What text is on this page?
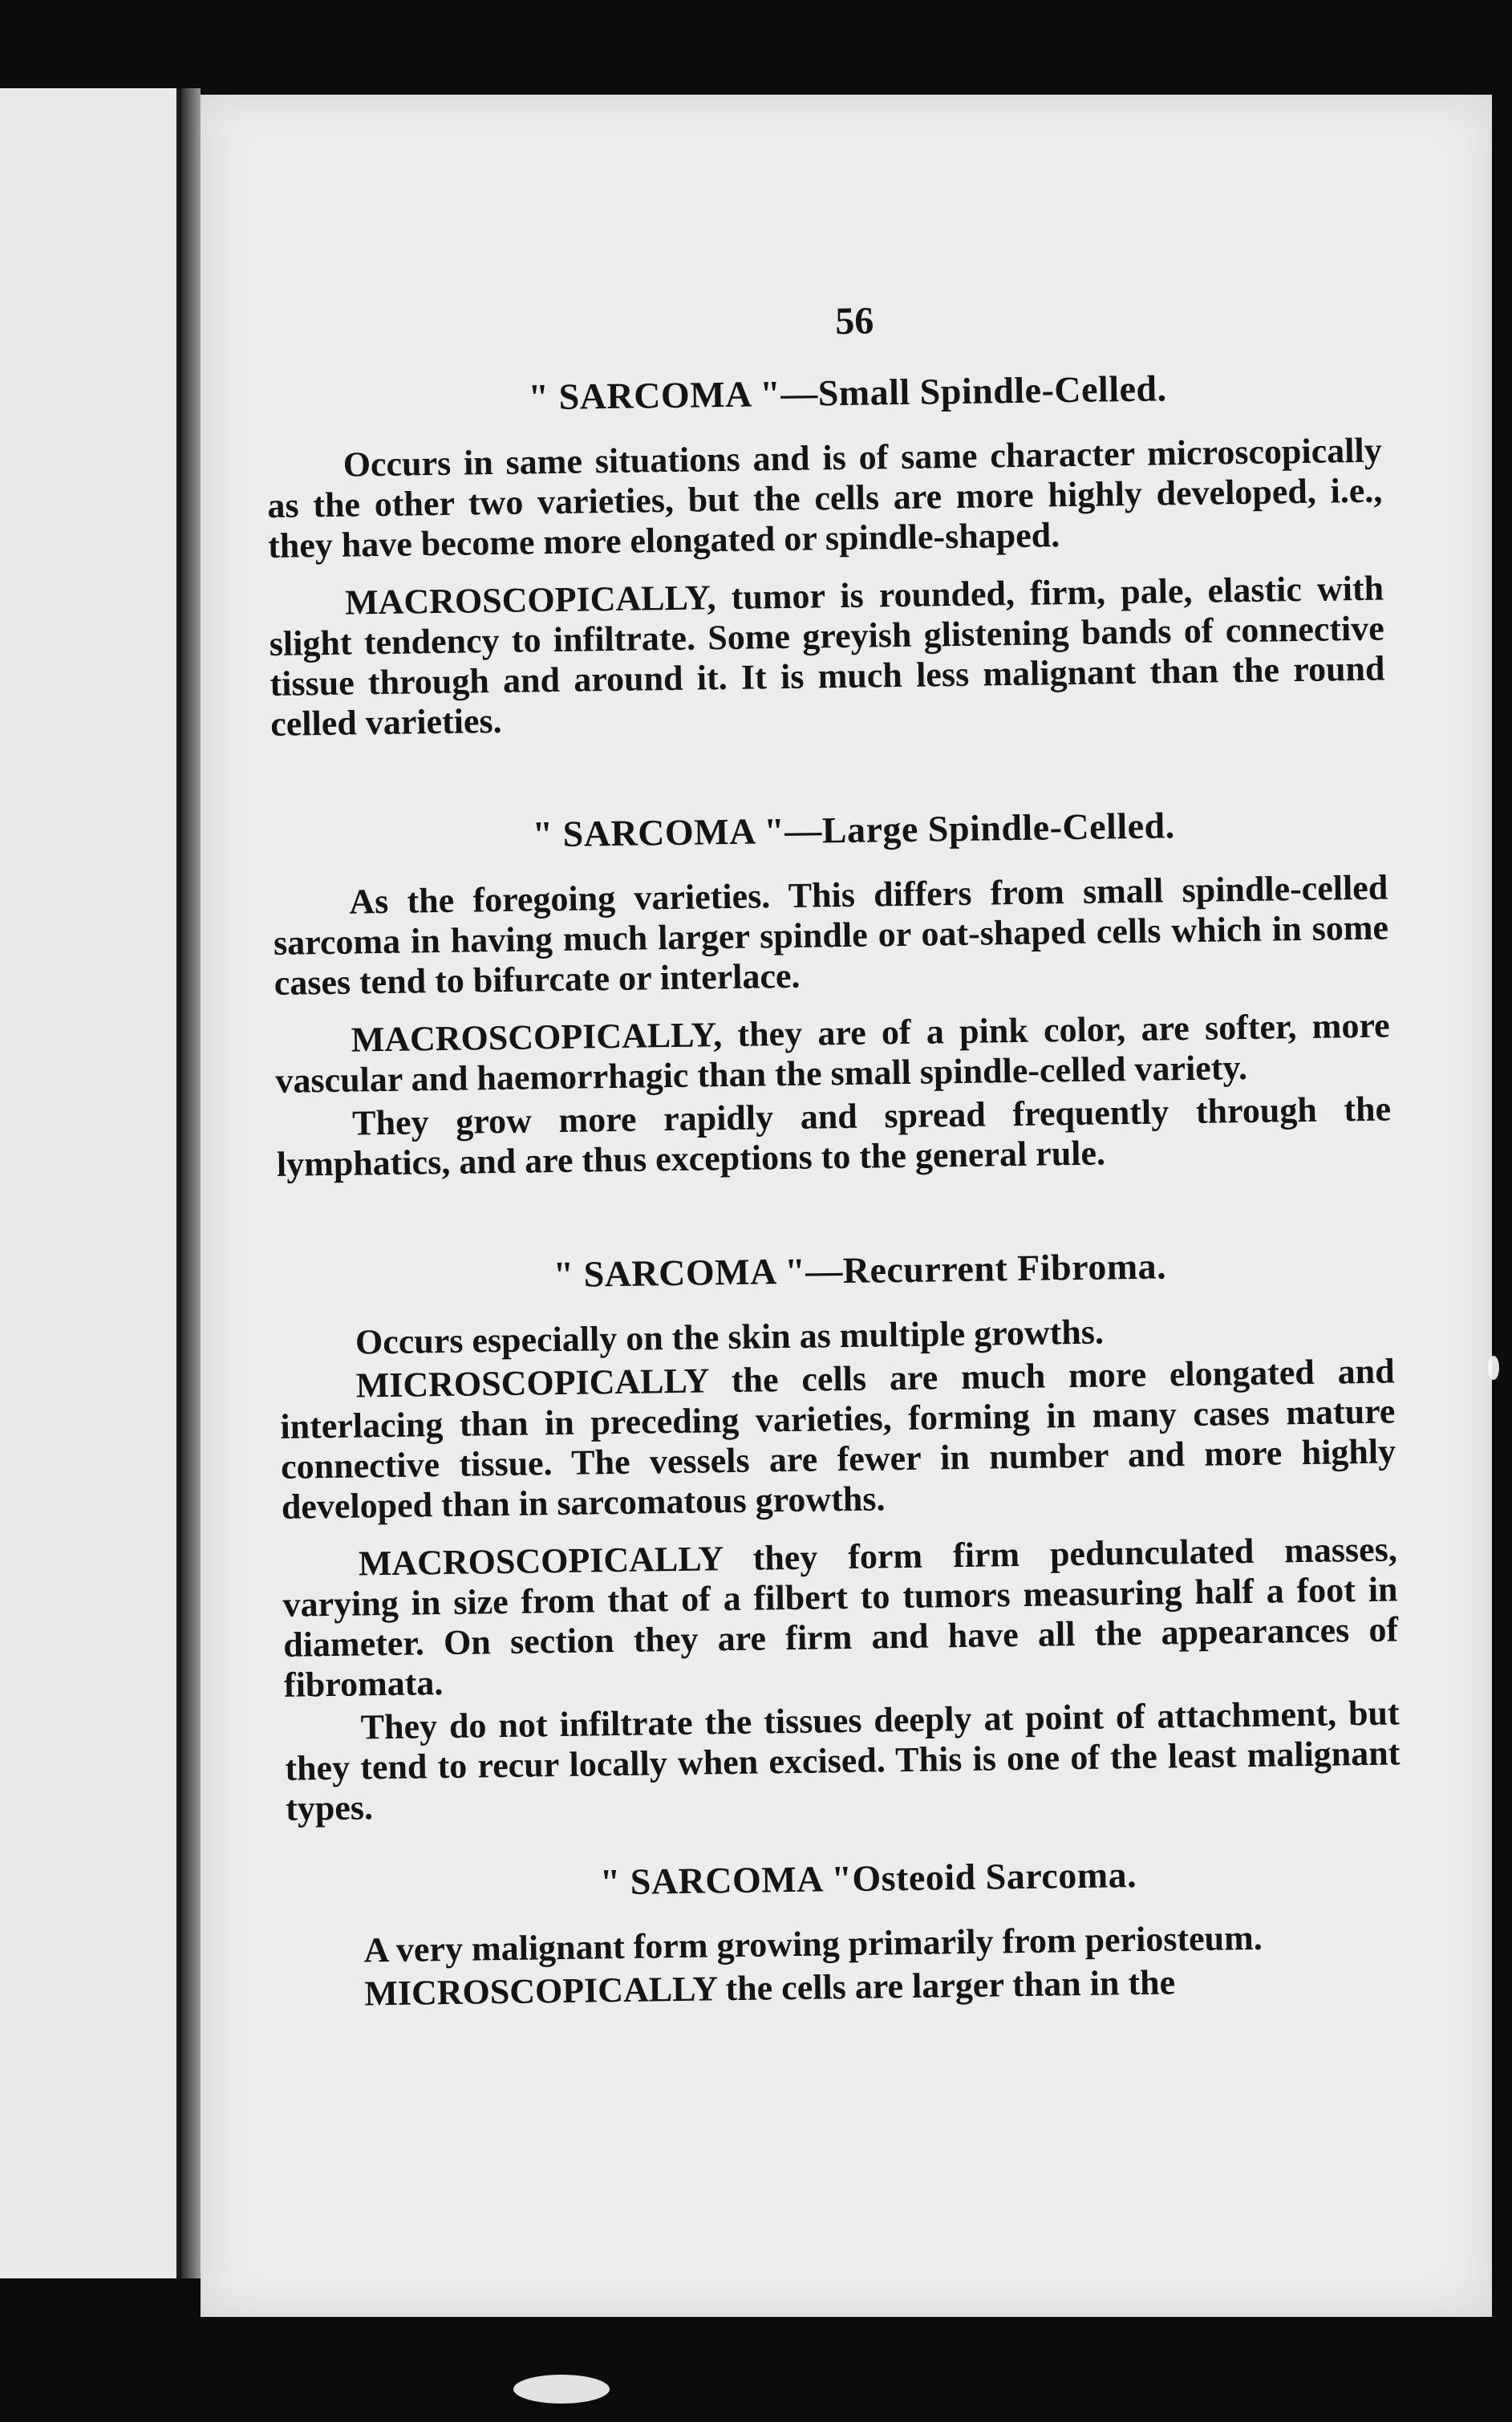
56
" SARCOMA "—Small Spindle-Celled.

Occurs in same situations and is of same character microscopically as the other two varieties, but the cells are more highly developed, i.e., they have become more elongated or spindle-shaped.

MACROSCOPICALLY, tumor is rounded, firm, pale, elastic with slight tendency to infiltrate. Some greyish glistening bands of connective tissue through and around it. It is much less malignant than the round celled varieties.

" SARCOMA "—Large Spindle-Celled.

As the foregoing varieties. This differs from small spindle-celled sarcoma in having much larger spindle or oat-shaped cells which in some cases tend to bifurcate or interlace.

MACROSCOPICALLY, they are of a pink color, are softer, more vascular and haemorrhagic than the small spindle-celled variety.

They grow more rapidly and spread frequently through the lymphatics, and are thus exceptions to the general rule.

" SARCOMA "—Recurrent Fibroma.

Occurs especially on the skin as multiple growths.

MICROSCOPICALLY the cells are much more elongated and interlacing than in preceding varieties, forming in many cases mature connective tissue. The vessels are fewer in number and more highly developed than in sarcomatous growths.

MACROSCOPICALLY they form firm pedunculated masses, varying in size from that of a filbert to tumors measuring half a foot in diameter. On section they are firm and have all the appearances of fibromata.

They do not infiltrate the tissues deeply at point of attachment, but they tend to recur locally when excised. This is one of the least malignant types.

" SARCOMA "Osteoid Sarcoma.

A very malignant form growing primarily from periosteum.

MICROSCOPICALLY the cells are larger than in the
